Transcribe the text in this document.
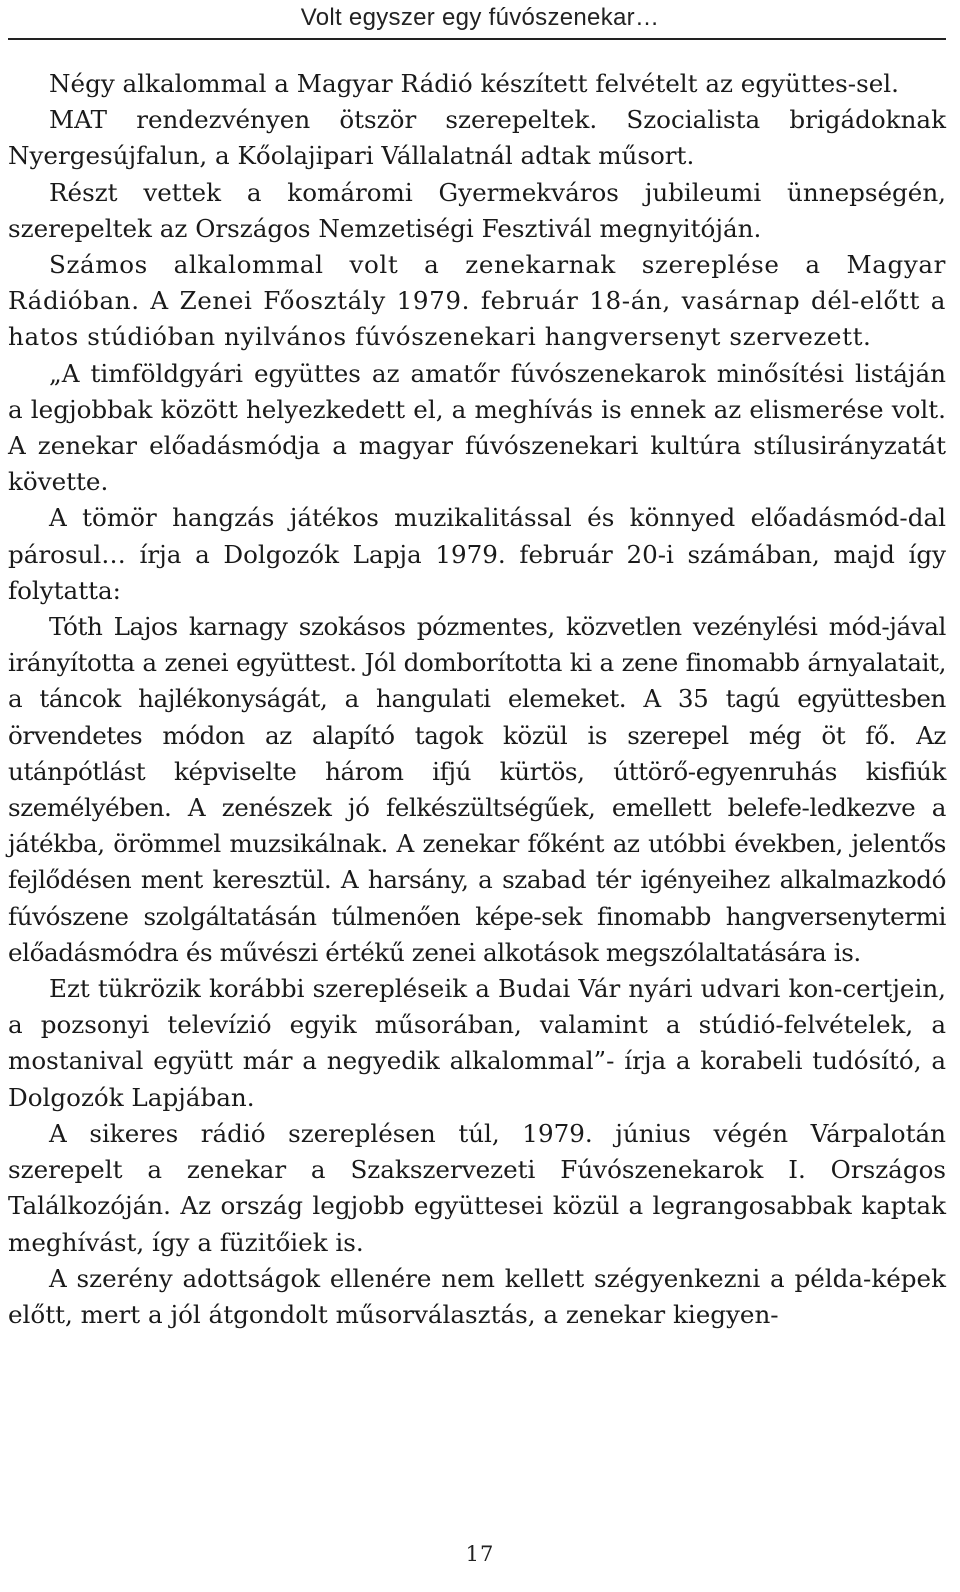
Volt egyszer egy fúvószenekar…

Négy alkalommal a Magyar Rádió készített felvételt az együttes-sel.

MAT rendezvényen ötször szerepeltek. Szocialista brigádoknak Nyergesújfalun, a Kőolajipari Vállalatnál adtak műsort.

Részt vettek a komáromi Gyermekváros jubileumi ünnepségén, szerepeltek az Országos Nemzetiségi Fesztivál megnyitóján.

Számos alkalommal volt a zenekarnak szereplése a Magyar Rádióban. A Zenei Főosztály 1979. február 18-án, vasárnap dél-előtt a hatos stúdióban nyilvános fúvószenekari hangversenyt szervezett.

„A timföldgyári együttes az amatőr fúvószenekarok minősítési listáján a legjobbak között helyezkedett el, a meghívás is ennek az elismerése volt. A zenekar előadásmódja a magyar fúvószenekari kultúra stílusirányzatát követte.

A tömör hangzás játékos muzikalitással és könnyed előadásmód-dal párosul… írja a Dolgozók Lapja 1979. február 20-i számában, majd így folytatta:

Tóth Lajos karnagy szokásos pózmentes, közvetlen vezénylési mód-jával irányította a zenei együttest. Jól domborította ki a zene finomabb árnyalatait, a táncok hajlékonyságát, a hangulati elemeket. A 35 tagú együttesben örvendetes módon az alapító tagok közül is szerepel még öt fő. Az utánpótlást képviselte három ifjú kürtös, úttörő-egyenruhás kisfiúk személyében. A zenészek jó felkészültségűek, emellett belefe-ledkezve a játékba, örömmel muzsikálnak. A zenekar főként az utóbbi években, jelentős fejlődésen ment keresztül. A harsány, a szabad tér igényeihez alkalmazkodó fúvószene szolgáltatásán túlmenően képe-sek finomabb hangversenytermi előadásmódra és művészi értékű zenei alkotások megszólaltatására is.

Ezt tükrözik korábbi szerepléseik a Budai Vár nyári udvari kon-certjein, a pozsonyi televízió egyik műsorában, valamint a stúdió-felvételek, a mostanival együtt már a negyedik alkalommal”- írja a korabeli tudósító, a Dolgozók Lapjában.

A sikeres rádió szereplésen túl, 1979. június végén Várpalotán szerepelt a zenekar a Szakszervezeti Fúvószenekarok I. Országos Találkozóján. Az ország legjobb együttesei közül a legrangosabbak kaptak meghívást, így a füzitőiek is.

A szerény adottságok ellenére nem kellett szégyenkezni a példa-képek előtt, mert a jól átgondolt műsorválasztás, a zenekar kiegyen-

17
